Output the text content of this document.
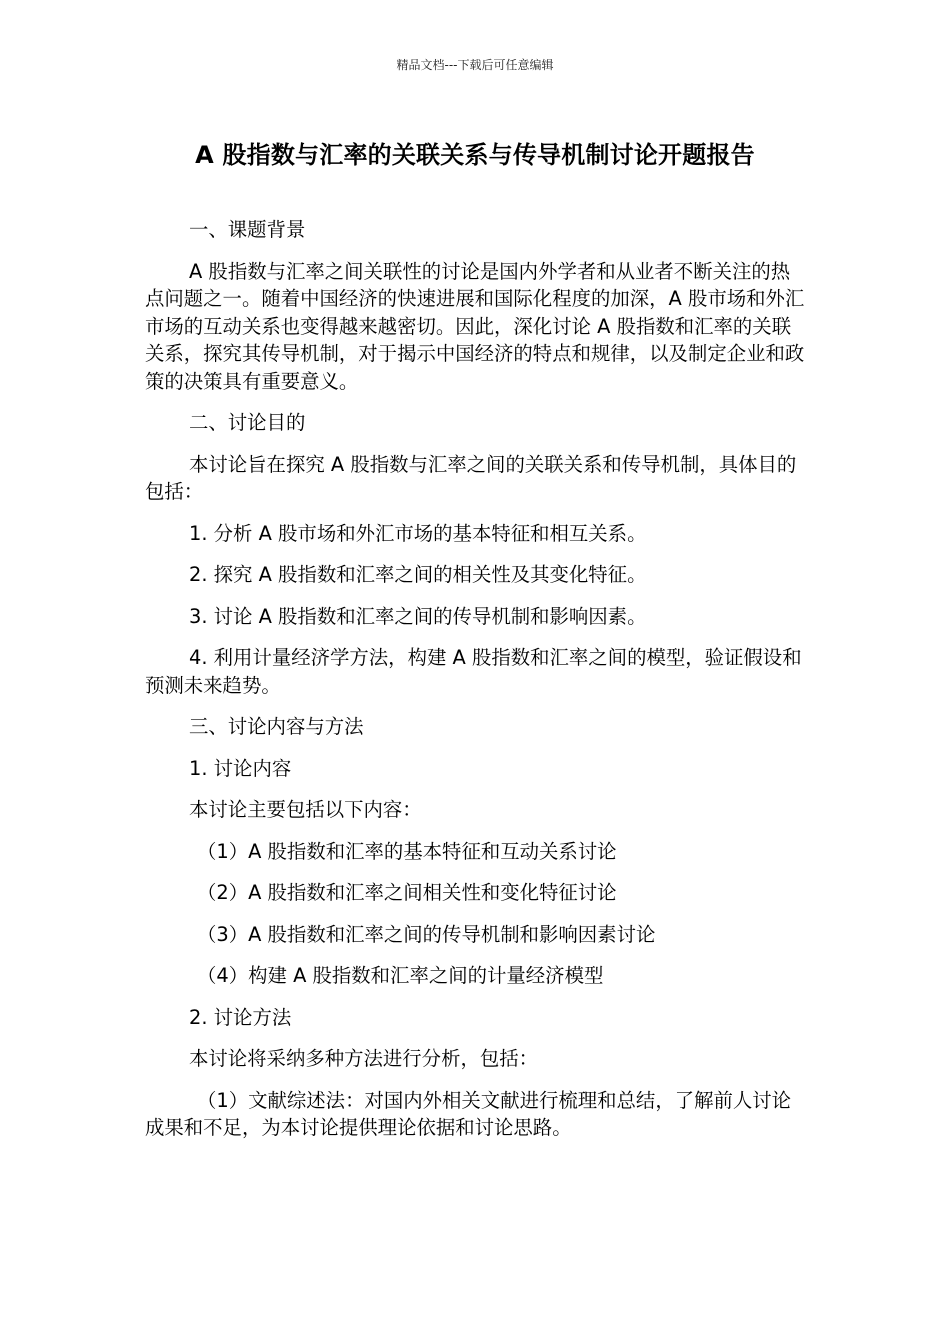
精品文档---下载后可任意编辑
A 股指数与汇率的关联关系与传导机制讨论开题报告

一、课题背景

A 股指数与汇率之间关联性的讨论是国内外学者和从业者不断关注的热点问题之一。随着中国经济的快速进展和国际化程度的加深，A 股市场和外汇市场的互动关系也变得越来越密切。因此，深化讨论 A 股指数和汇率的关联关系，探究其传导机制，对于揭示中国经济的特点和规律，以及制定企业和政策的决策具有重要意义。

二、讨论目的

本讨论旨在探究 A 股指数与汇率之间的关联关系和传导机制，具体目的包括：

1. 分析 A 股市场和外汇市场的基本特征和相互关系。

2. 探究 A 股指数和汇率之间的相关性及其变化特征。

3. 讨论 A 股指数和汇率之间的传导机制和影响因素。

4. 利用计量经济学方法，构建 A 股指数和汇率之间的模型，验证假设和预测未来趋势。

三、讨论内容与方法

1. 讨论内容

本讨论主要包括以下内容：

（1）A 股指数和汇率的基本特征和互动关系讨论

（2）A 股指数和汇率之间相关性和变化特征讨论

（3）A 股指数和汇率之间的传导机制和影响因素讨论

（4）构建 A 股指数和汇率之间的计量经济模型

2. 讨论方法

本讨论将采纳多种方法进行分析，包括：

（1）文献综述法：对国内外相关文献进行梳理和总结，了解前人讨论成果和不足，为本讨论提供理论依据和讨论思路。
